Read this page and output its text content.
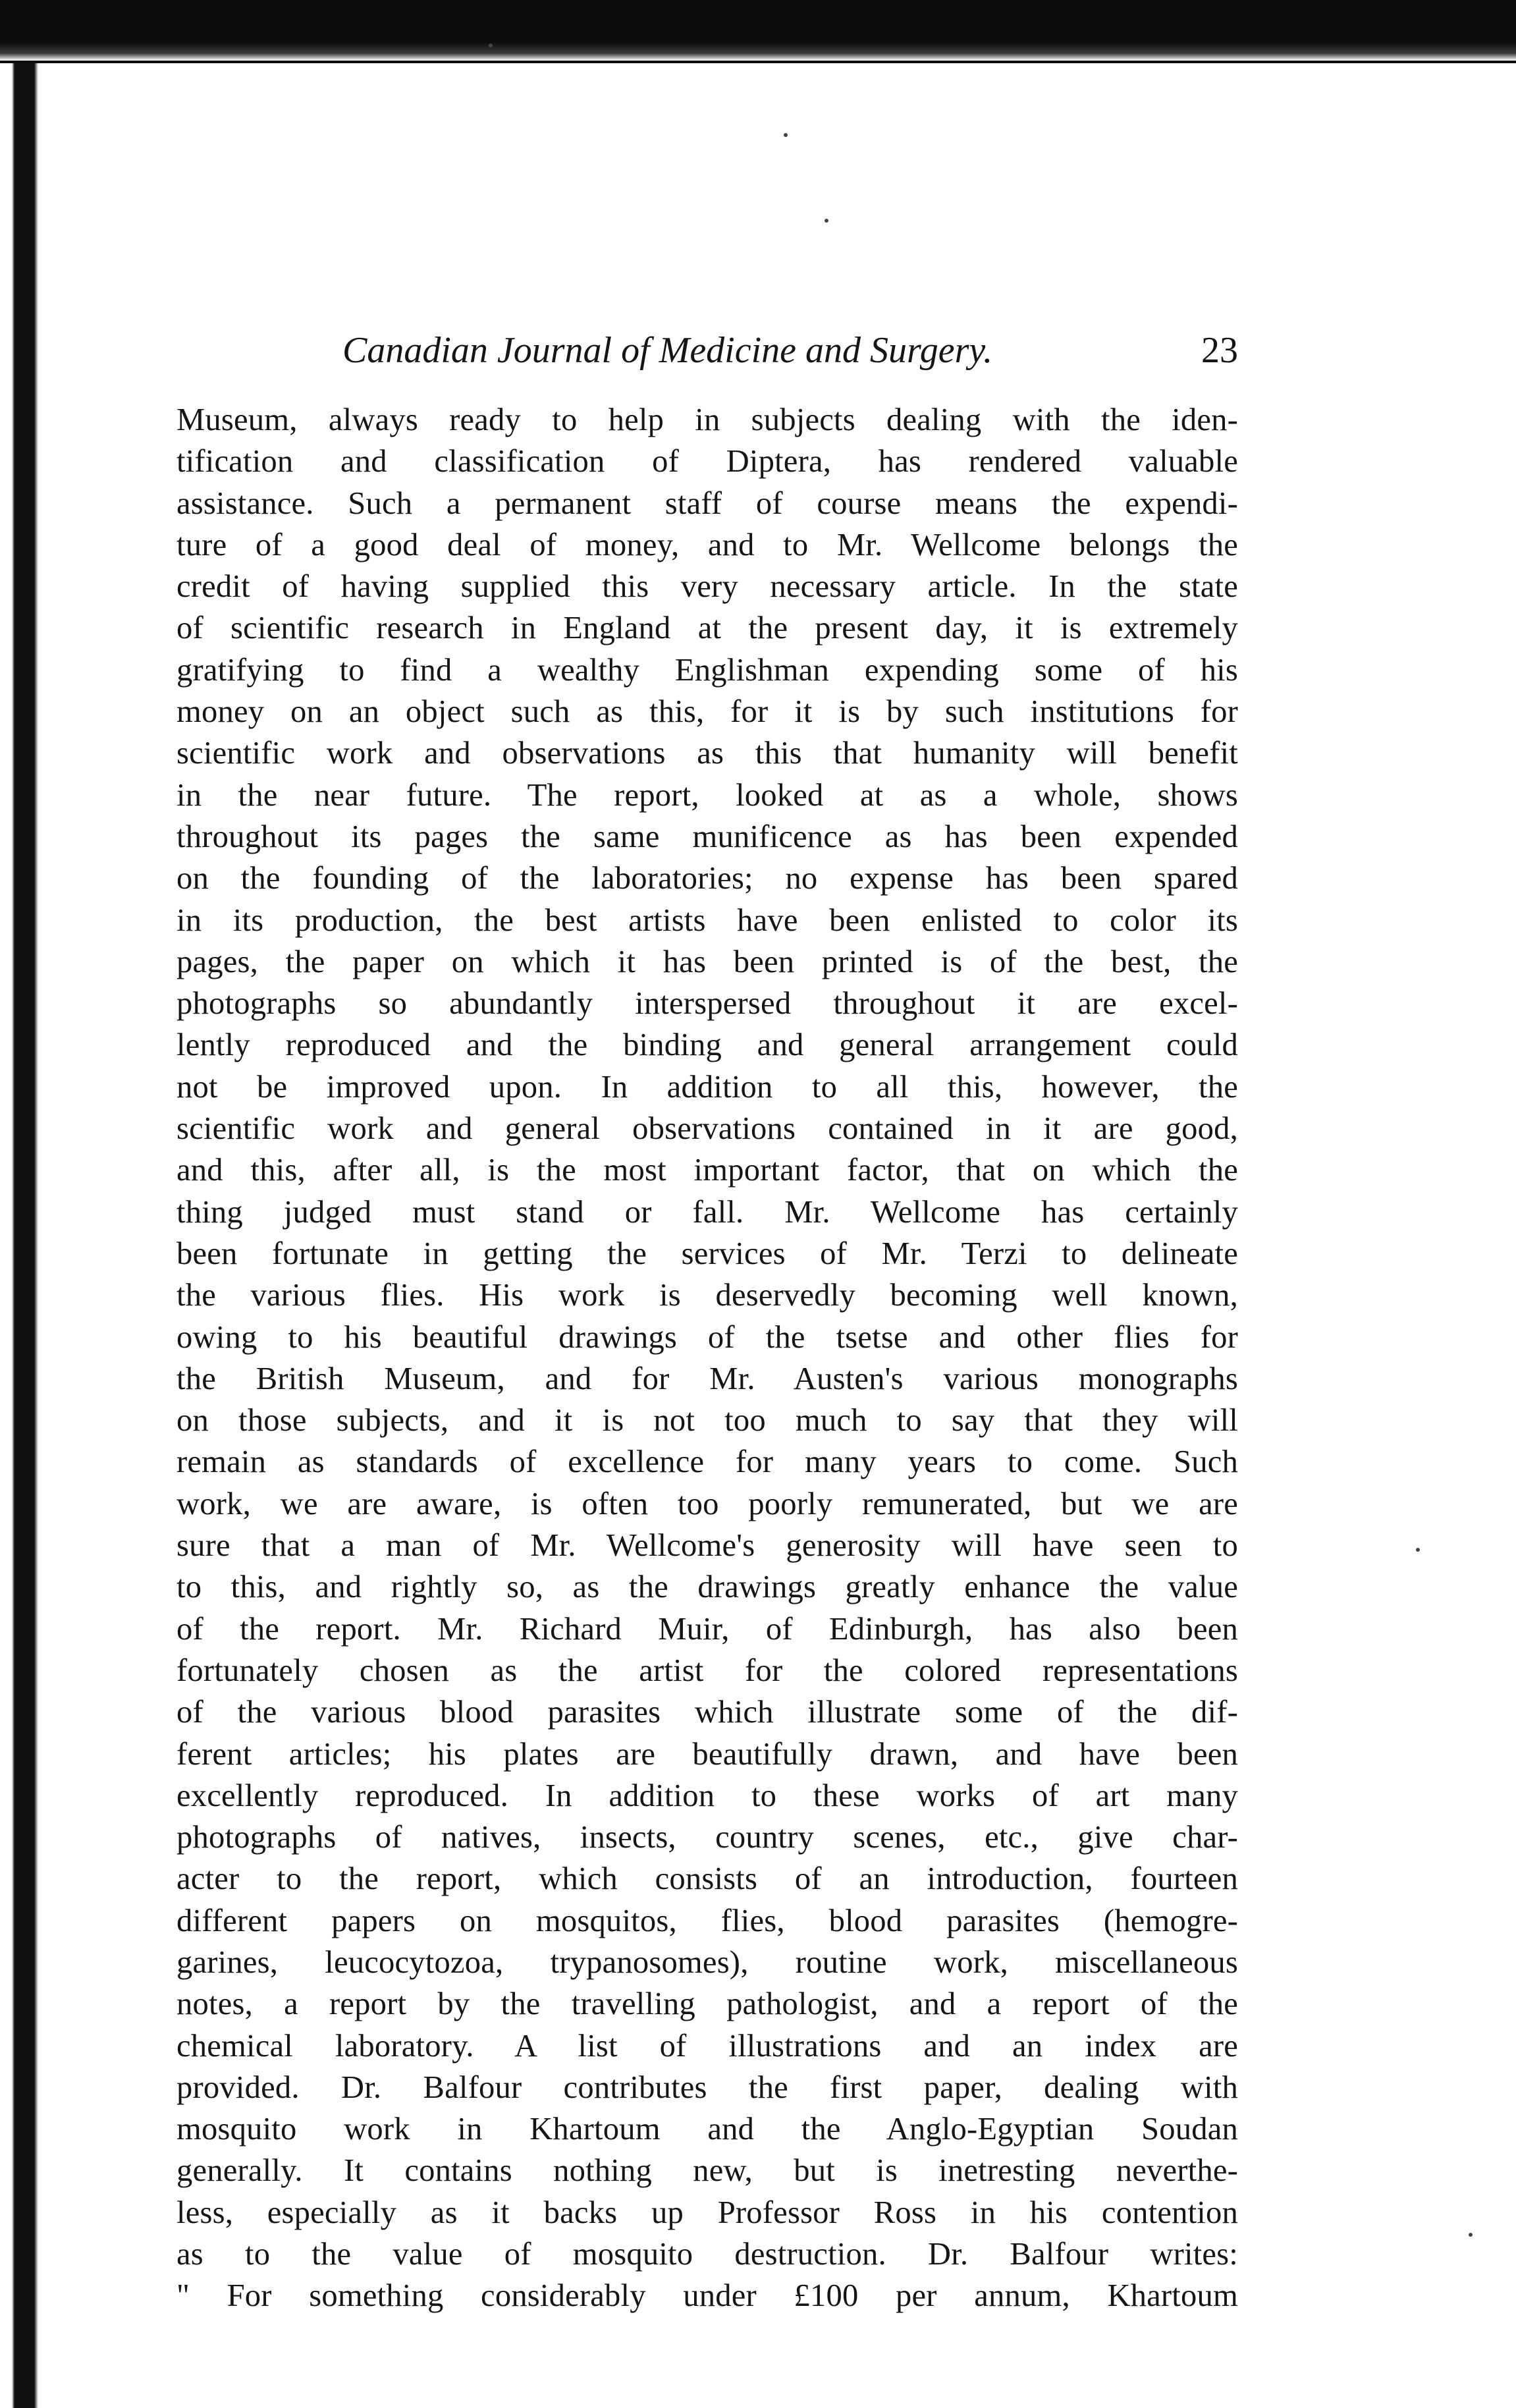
Canadian Journal of Medicine and Surgery.	23

Museum, always ready to help in subjects dealing with the iden-

tification and classification of Diptera, has rendered valuable

assistance. Such a permanent staff of course means the expendi-

ture of a good deal of money, and to Mr. Wellcome belongs the

credit of having supplied this very necessary article. In the state

of scientific research in England at the present day, it is extremely

gratifying to find a wealthy Englishman expending some of his

money on an object such as this, for it is by such institutions for

scientific work and observations as this that humanity will benefit

in the near future. The report, looked at as a whole, shows

throughout its pages the same munificence as has been expended

on the founding of the laboratories; no expense has been spared

in its production, the best artists have been enlisted to color its

pages, the paper on which it has been printed is of the best, the

photographs so abundantly interspersed throughout it are excel-

lently reproduced and the binding and general arrangement could

not be improved upon. In addition to all this, however, the

scientific work and general observations contained in it are good,

and this, after all, is the most important factor, that on which the

thing judged must stand or fall. Mr. Wellcome has certainly

been fortunate in getting the services of Mr. Terzi to delineate

the various flies. His work is deservedly becoming well known,

owing to his beautiful drawings of the tsetse and other flies for

the British Museum, and for Mr. Austen's various monographs

on those subjects, and it is not too much to say that they will

remain as standards of excellence for many years to come. Such

work, we are aware, is often too poorly remunerated, but we are

sure that a man of Mr. Wellcome's generosity will have seen to

to this, and rightly so, as the drawings greatly enhance the value

of the report. Mr. Richard Muir, of Edinburgh, has also been

fortunately chosen as the artist for the colored representations

of the various blood parasites which illustrate some of the dif-

ferent articles; his plates are beautifully drawn, and have been

excellently reproduced. In addition to these works of art many

photographs of natives, insects, country scenes, etc., give char-

acter to the report, which consists of an introduction, fourteen

different papers on mosquitos, flies, blood parasites (hemogre-

garines, leucocytozoa, trypanosomes), routine work, miscellaneous

notes, a report by the travelling pathologist, and a report of the

chemical laboratory. A list of illustrations and an index are

provided. Dr. Balfour contributes the first paper, dealing with

mosquito work in Khartoum and the Anglo-Egyptian Soudan

generally. It contains nothing new, but is inetresting neverthe-

less, especially as it backs up Professor Ross in his contention

as to the value of mosquito destruction. Dr. Balfour writes:

" For something considerably under £100 per annum, Khartoum
